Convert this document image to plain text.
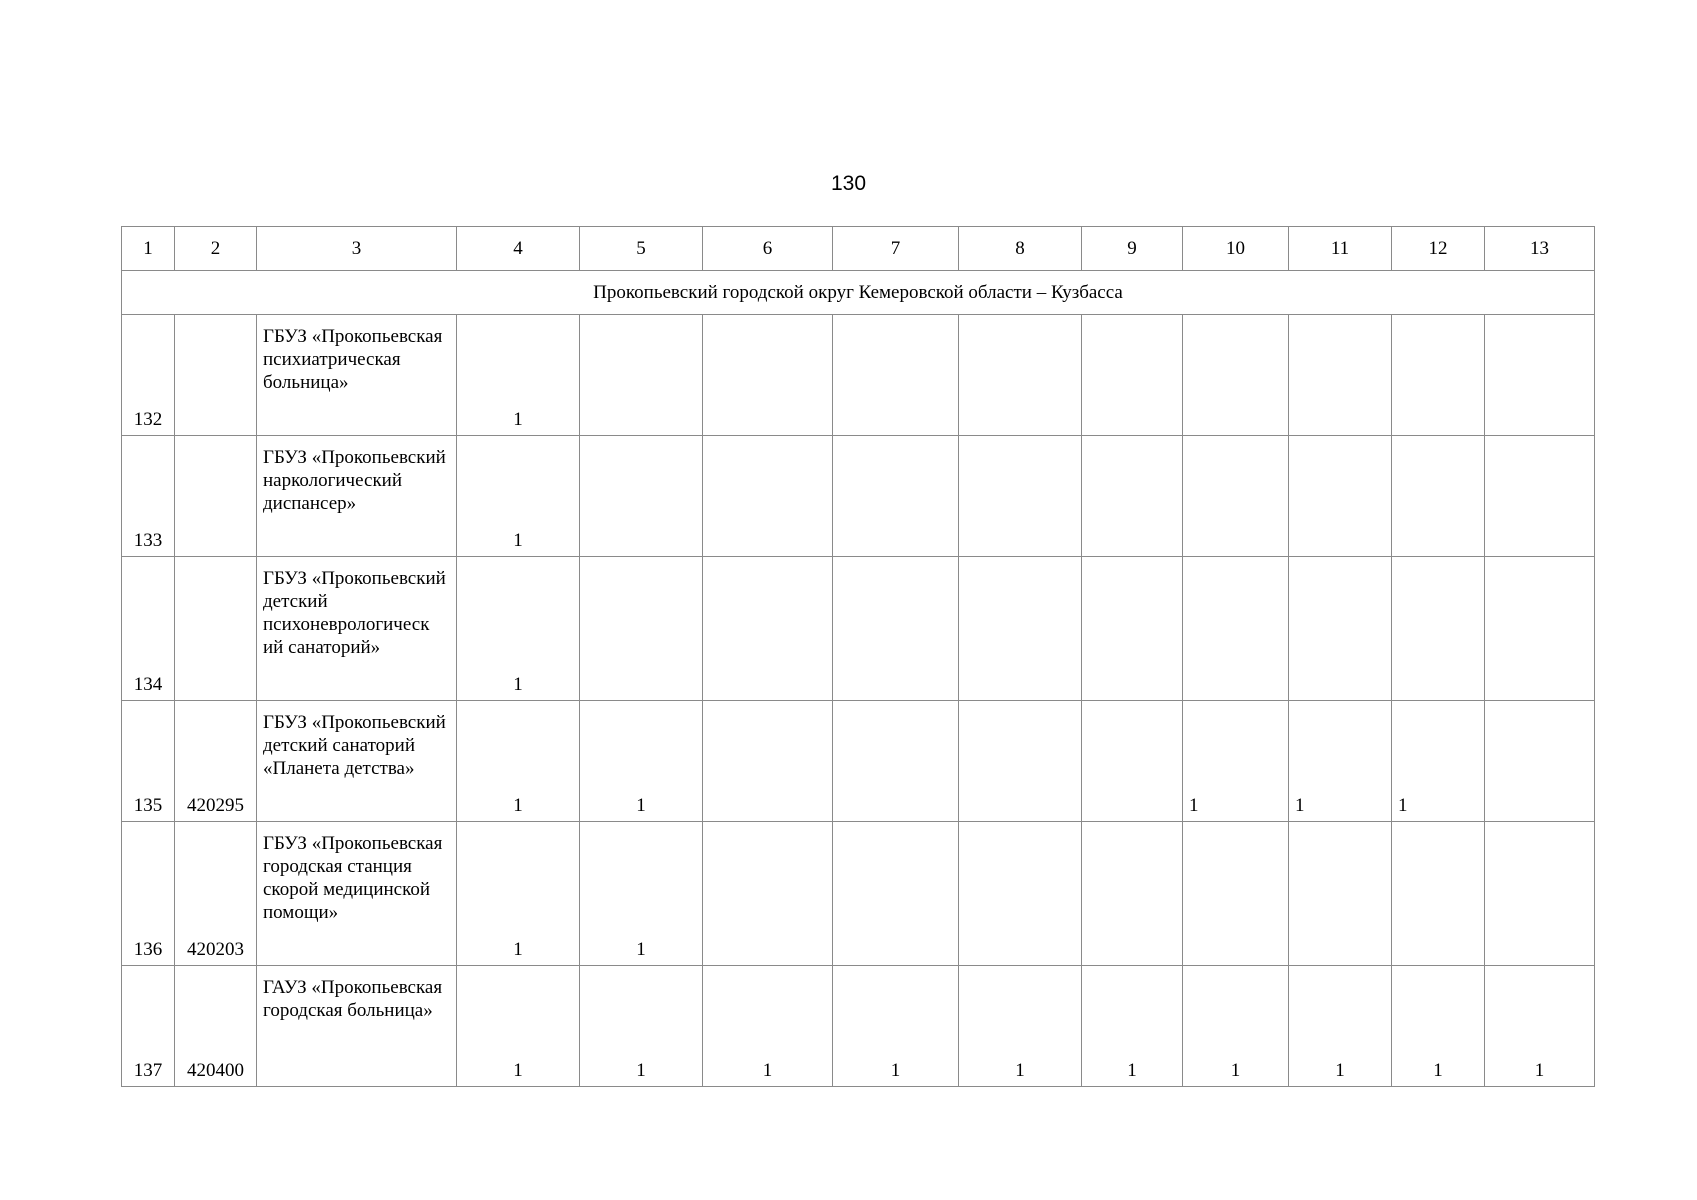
130
1	2	3	4	5	6	7	8	9	10	11	12	13
Прокопьевский городской округ Кемеровской области – Кузбасса												
132		ГБУЗ «Прокопьевская психиатрическая больница»	1									
133		ГБУЗ «Прокопьевский наркологический диспансер»	1									
134		ГБУЗ «Прокопьевский детский психоневрологическ ий санаторий»	1									
135	420295	ГБУЗ «Прокопьевский детский санаторий «Планета детства»	1	1					1	1	1	
136	420203	ГБУЗ «Прокопьевская городская станция скорой медицинской помощи»	1	1								
137	420400	ГАУЗ «Прокопьевская городская больница»	1	1	1	1	1	1	1	1	1	1
